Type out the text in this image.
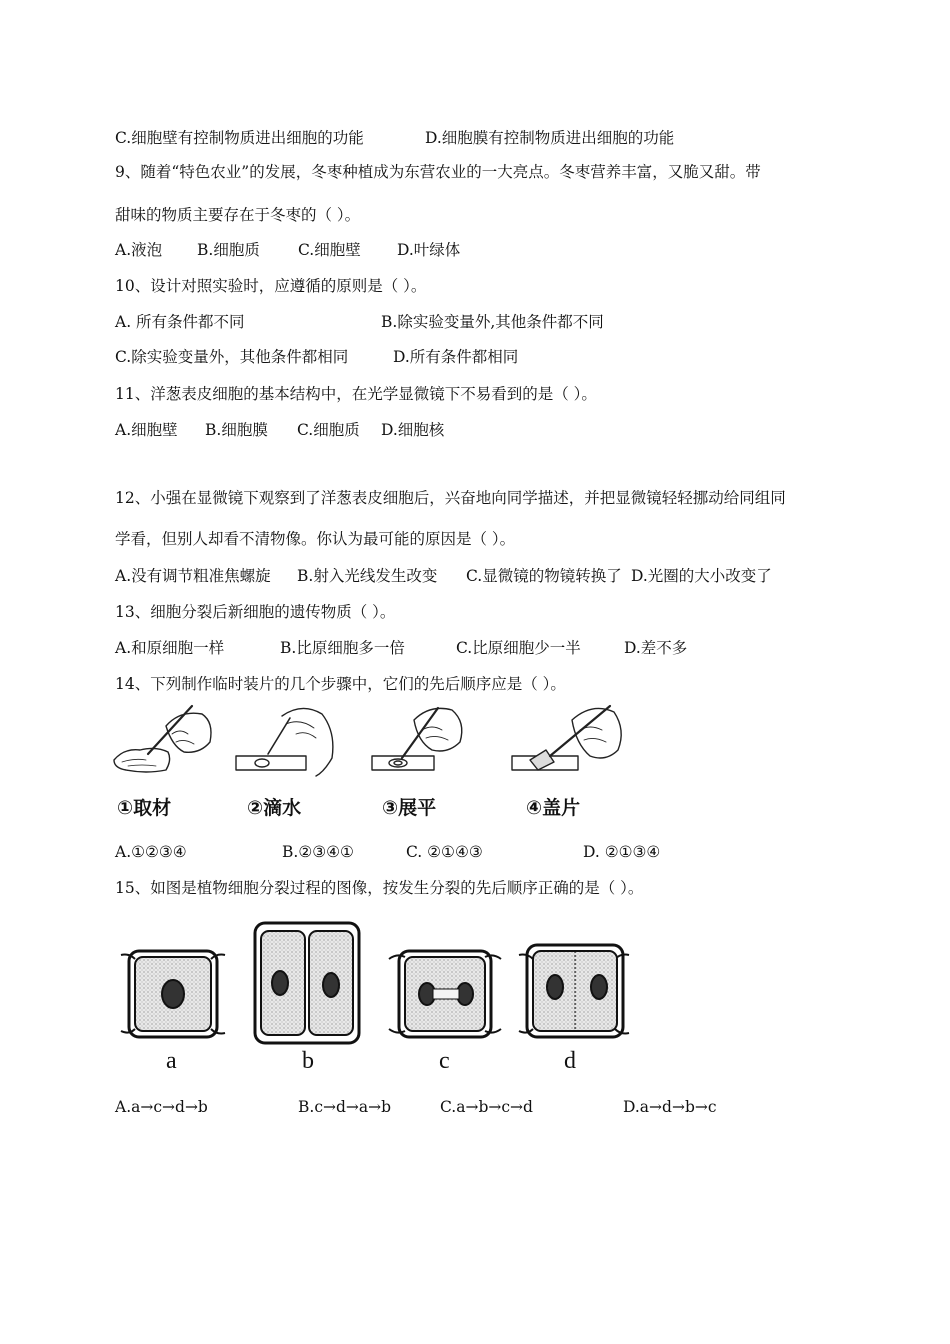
C.细胞壁有控制物质进出细胞的功能	D.细胞膜有控制物质进出细胞的功能
9、随着“特色农业”的发展，冬枣种植成为东营农业的一大亮点。冬枣营养丰富，又脆又甜。带
甜味的物质主要存在于冬枣的（ ）。
A.液泡 B.细胞质 C.细胞壁 D.叶绿体
10、设计对照实验时，应遵循的原则是（ ）。
A. 所有条件都不同	B.除实验变量外,其他条件都不同
C.除实验变量外，其他条件都相同	D.所有条件都相同
11、洋葱表皮细胞的基本结构中，在光学显微镜下不易看到的是（ ）。
A.细胞壁 B.细胞膜 C.细胞质 D.细胞核
12、小强在显微镜下观察到了洋葱表皮细胞后，兴奋地向同学描述，并把显微镜轻轻挪动给同组同
学看，但别人却看不清物像。你认为最可能的原因是（ ）。
A.没有调节粗准焦螺旋 B.射入光线发生改变 C.显微镜的物镜转换了 D.光圈的大小改变了
13、细胞分裂后新细胞的遗传物质（ ）。
A.和原细胞一样	B.比原细胞多一倍	C.比原细胞少一半	D.差不多
14、下列制作临时装片的几个步骤中，它们的先后顺序应是（ ）。
①取材	②滴水	③展平	④盖片
A.①②③④	B.②③④①	C. ②①④③	D. ②①③④
15、如图是植物细胞分裂过程的图像，按发生分裂的先后顺序正确的是（ ）。
a	b	c	d
A.a→c→d→b	B.c→d→a→b	C.a→b→c→d	D.a→d→b→c
